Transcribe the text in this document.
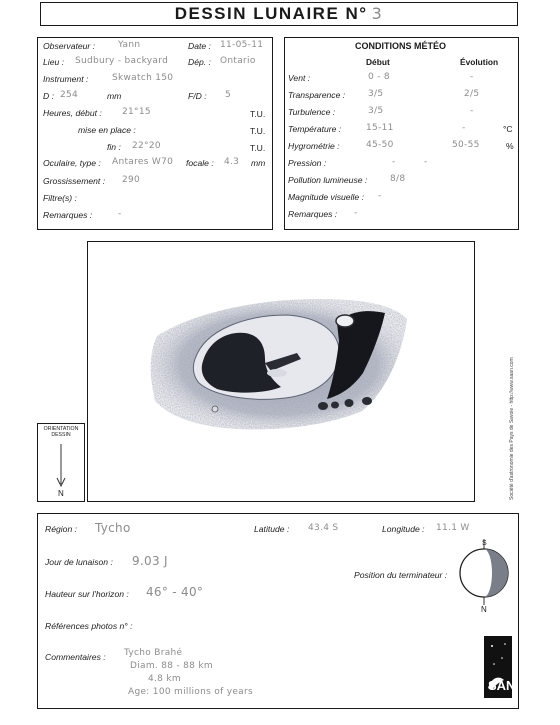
DESSIN LUNAIRE N° 3
Observateur :	Yann	Date : 11-05-11
Lieu : Sudbury - backyard Dép. : Ontario
Instrument :	Skwatch 150
D : 254	mm	F/D : 5
Heures, début : 21°15	T.U.
mise en place :	T.U.
fin : 22°20	T.U.
Oculaire, type : Antares W70 focale : 4.3 mm
Grossissement : 290
Filtre(s) :
Remarques :	-
CONDITIONS MÉTÉO
Début	Évolution
Vent :	0 - 8	-
Transparence :	3/5	2/5
Turbulence :	3/5	-
Température :	15-11	-	°C
Hygrométrie :	45-50	50-55	%
Pression :	-	-
Pollution lumineuse :	8/8
Magnitude visuelle : -
Remarques : -
ORIENTATION DESSIN
N	Société d'astronomie des Pays de Savoie - http://www.saan.com
Région : Tycho	Latitude : 43.4 S	Longitude : 11.1 W
Jour de lunaison : 9.03 J
Position du terminateur :
Hauteur sur l'horizon : 46° - 40°
Références photos n° :
Commentaires : Tycho Brahé
Diam. 88 - 88 km
4.8 km
Age: 100 millions of years
S
N
SAN
